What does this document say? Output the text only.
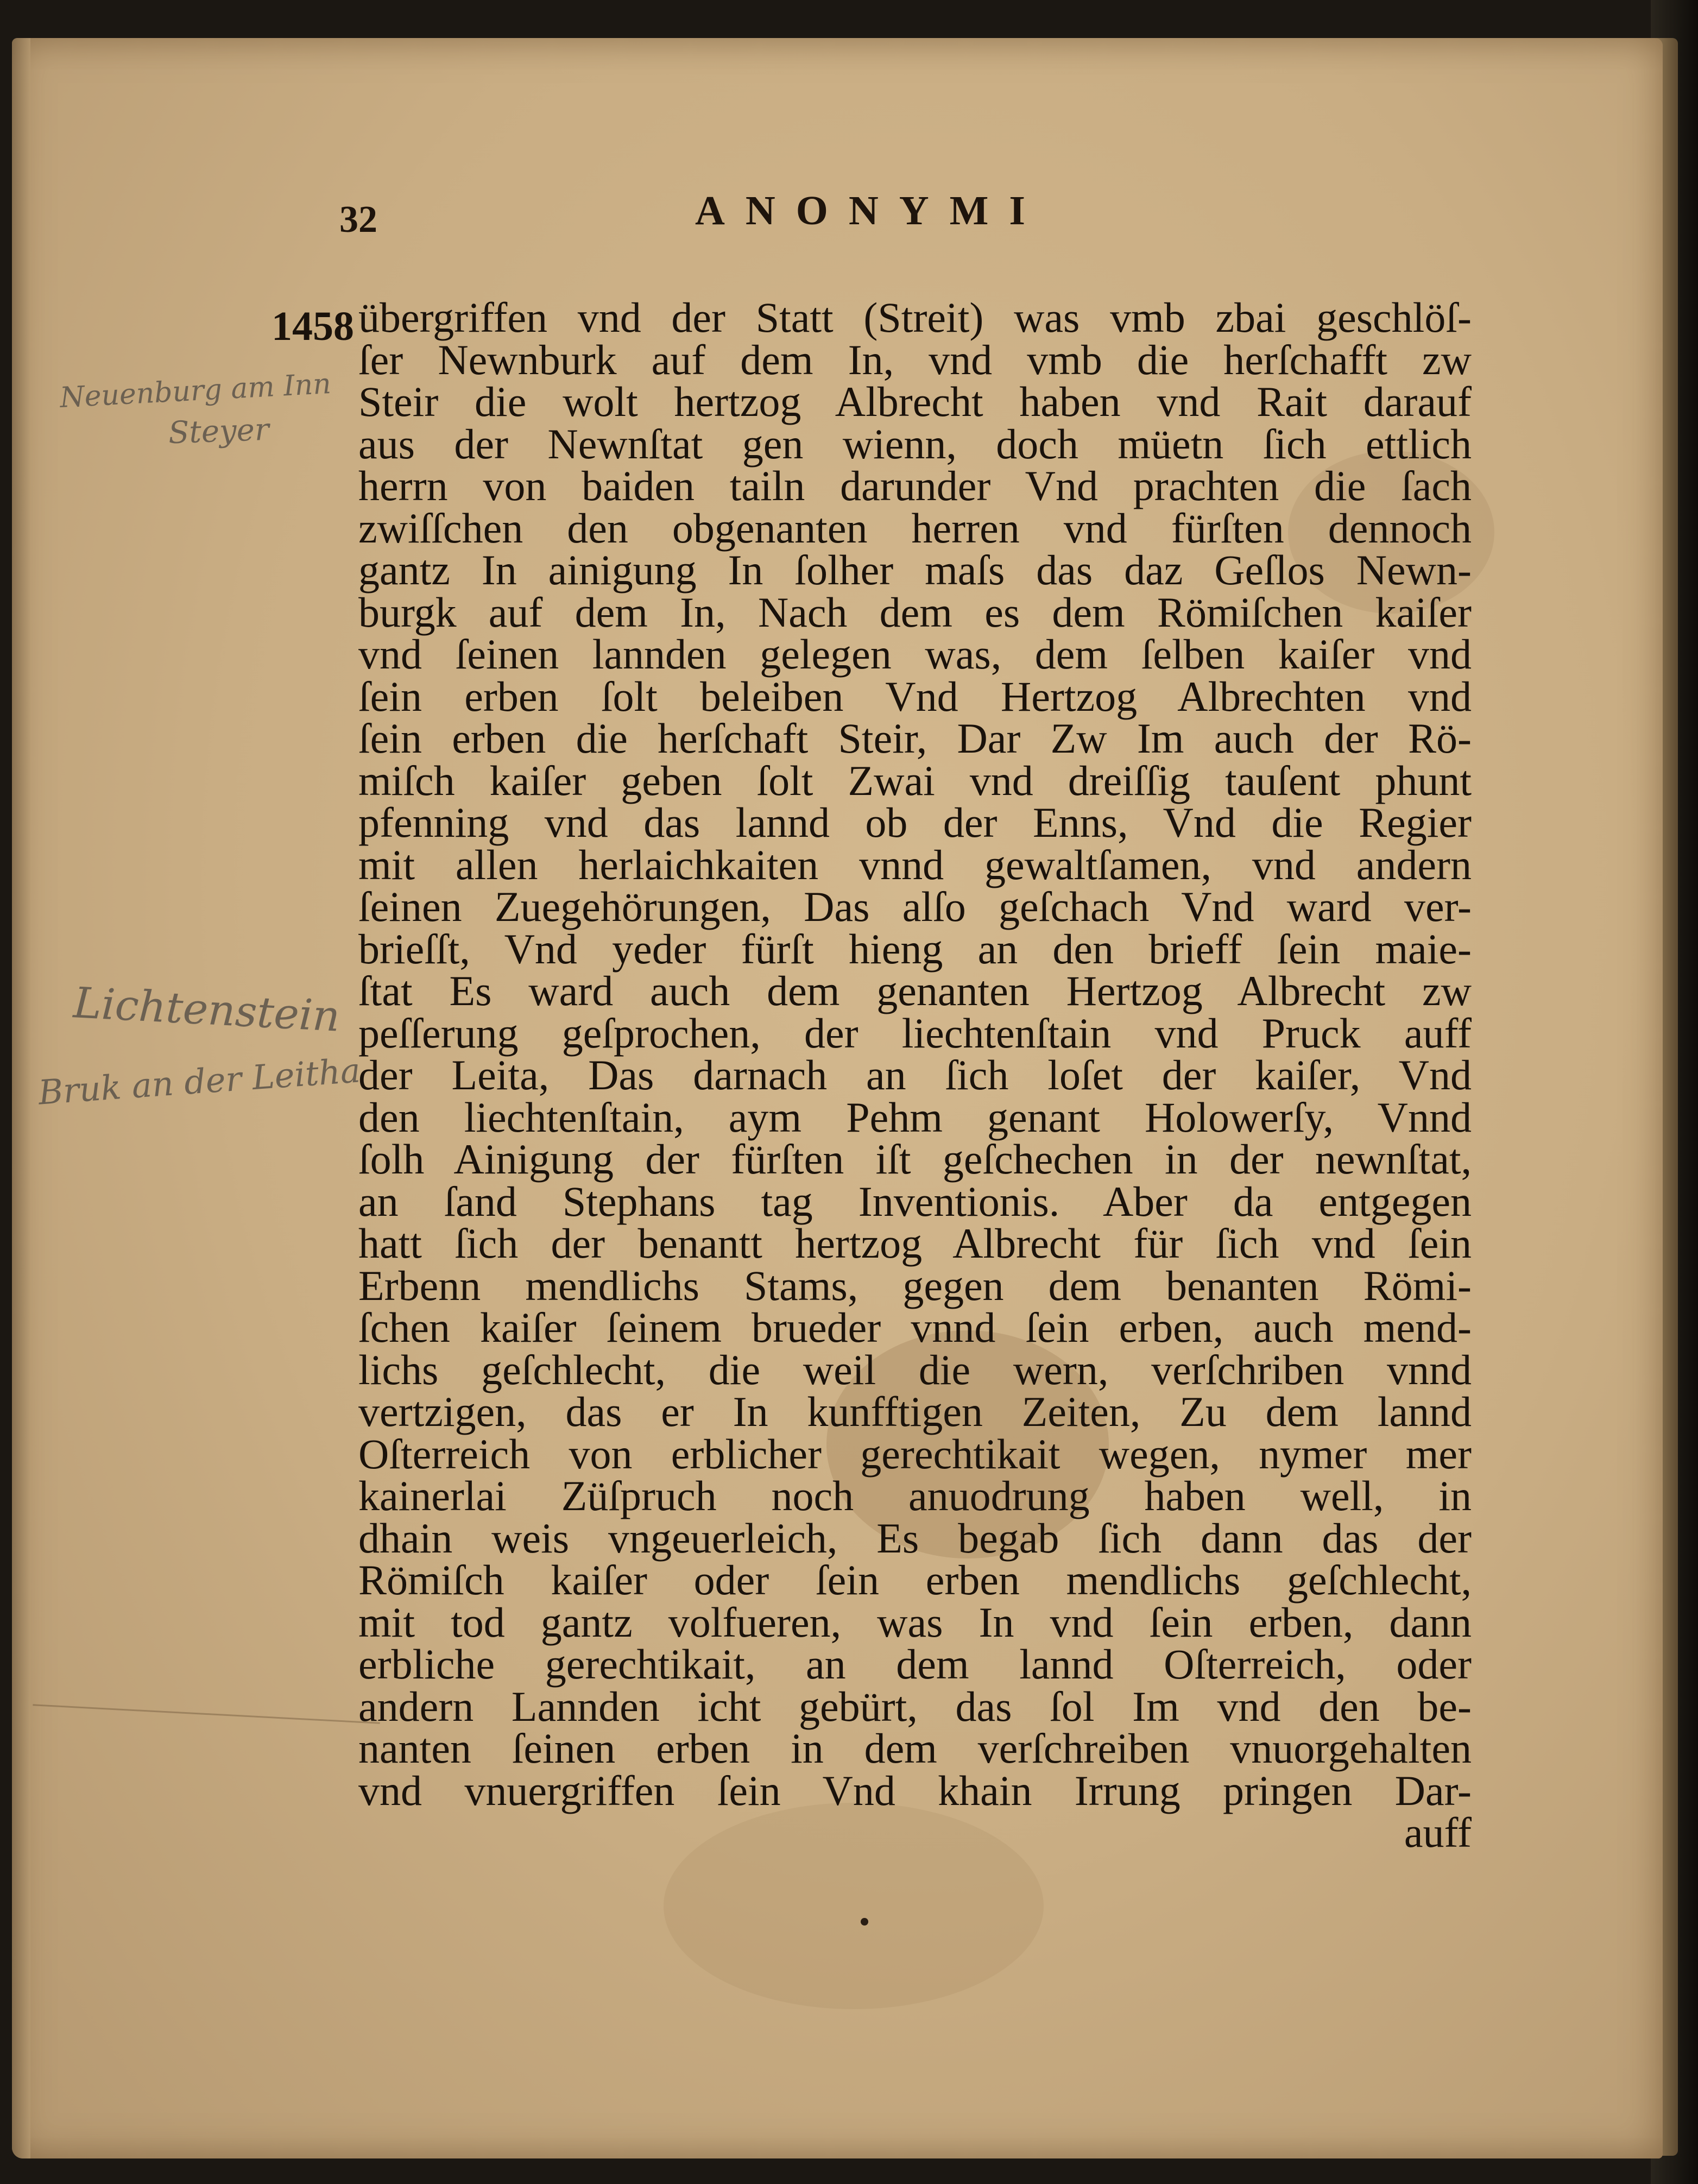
32	ANONYMI
1458
Neuenburg am Inn
Steyer
Lichtenstein
Bruk an der Leitha
übergriffen vnd der Statt (Streit) was vmb zbai geschlöſ-
ſer Newnburk auf dem In, vnd vmb die herſchafft zw
Steir die wolt hertzog Albrecht haben vnd Rait darauf
aus der Newnſtat gen wienn, doch müetn ſich ettlich
herrn von baiden tailn darunder Vnd prachten die ſach
zwiſſchen den obgenanten herren vnd fürſten dennoch
gantz In ainigung In ſolher maſs das daz Geſlos Newn-
burgk auf dem In, Nach dem es dem Römiſchen kaiſer
vnd ſeinen lannden gelegen was, dem ſelben kaiſer vnd
ſein erben ſolt beleiben Vnd Hertzog Albrechten vnd
ſein erben die herſchaft Steir, Dar Zw Im auch der Rö-
miſch kaiſer geben ſolt Zwai vnd dreiſſig tauſent phunt
pfenning vnd das lannd ob der Enns, Vnd die Regier
mit allen herlaichkaiten vnnd gewaltſamen, vnd andern
ſeinen Zuegehörungen, Das alſo geſchach Vnd ward ver-
brieſſt, Vnd yeder fürſt hieng an den brieff ſein maie-
ſtat Es ward auch dem genanten Hertzog Albrecht zw
peſſerung geſprochen, der liechtenſtain vnd Pruck auff
der Leita, Das darnach an ſich loſet der kaiſer, Vnd
den liechtenſtain, aym Pehm genant Holowerſy, Vnnd
ſolh Ainigung der fürſten iſt geſchechen in der newnſtat,
an ſand Stephans tag Inventionis. Aber da entgegen
hatt ſich der benantt hertzog Albrecht für ſich vnd ſein
Erbenn mendlichs Stams, gegen dem benanten Römi-
ſchen kaiſer ſeinem brueder vnnd ſein erben, auch mend-
lichs geſchlecht, die weil die wern, verſchriben vnnd
vertzigen, das er In kunfftigen Zeiten, Zu dem lannd
Oſterreich von erblicher gerechtikait wegen, nymer mer
kainerlai Züſpruch noch anuodrung haben well, in
dhain weis vngeuerleich, Es begab ſich dann das der
Römiſch kaiſer oder ſein erben mendlichs geſchlecht,
mit tod gantz volfueren, was In vnd ſein erben, dann
erbliche gerechtikait, an dem lannd Oſterreich, oder
andern Lannden icht gebürt, das ſol Im vnd den be-
nanten ſeinen erben in dem verſchreiben vnuorgehalten
vnd vnuergriffen ſein Vnd khain Irrung pringen Dar-
auff
